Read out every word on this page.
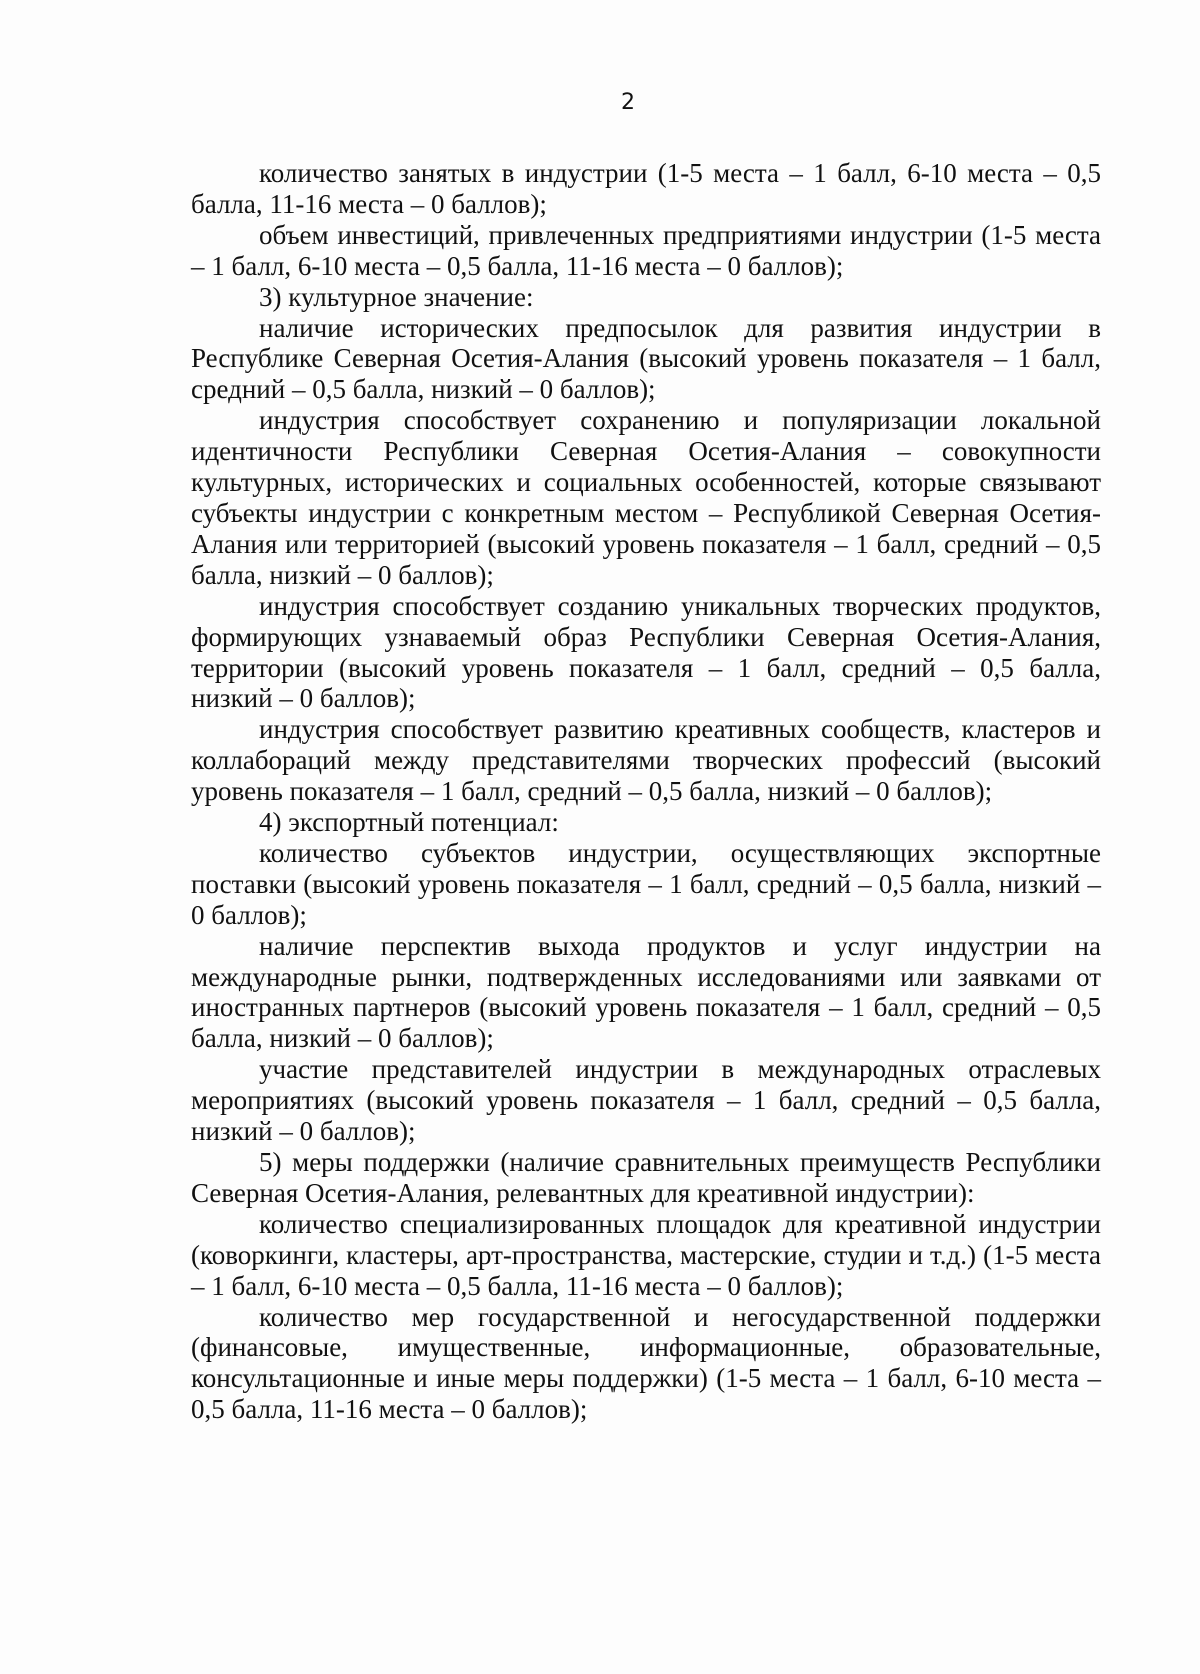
2

количество занятых в индустрии (1-5 места – 1 балл, 6-10 места – 0,5 балла, 11-16 места – 0 баллов);

объем инвестиций, привлеченных предприятиями индустрии (1-5 места – 1 балл, 6-10 места – 0,5 балла, 11-16 места – 0 баллов);

3) культурное значение:

наличие исторических предпосылок для развития индустрии в Республике Северная Осетия-Алания (высокий уровень показателя – 1 балл, средний – 0,5 балла, низкий – 0 баллов);

индустрия способствует сохранению и популяризации локальной идентичности Республики Северная Осетия-Алания – совокупности культурных, исторических и социальных особенностей, которые связывают субъекты индустрии с конкретным местом – Республикой Северная Осетия-Алания или территорией (высокий уровень показателя – 1 балл, средний – 0,5 балла, низкий – 0 баллов);

индустрия способствует созданию уникальных творческих продуктов, формирующих узнаваемый образ Республики Северная Осетия-Алания, территории (высокий уровень показателя – 1 балл, средний – 0,5 балла, низкий – 0 баллов);

индустрия способствует развитию креативных сообществ, кластеров и коллабораций между представителями творческих профессий (высокий уровень показателя – 1 балл, средний – 0,5 балла, низкий – 0 баллов);

4) экспортный потенциал:

количество субъектов индустрии, осуществляющих экспортные поставки (высокий уровень показателя – 1 балл, средний – 0,5 балла, низкий – 0 баллов);

наличие перспектив выхода продуктов и услуг индустрии на международные рынки, подтвержденных исследованиями или заявками от иностранных партнеров (высокий уровень показателя – 1 балл, средний – 0,5 балла, низкий – 0 баллов);

участие представителей индустрии в международных отраслевых мероприятиях (высокий уровень показателя – 1 балл, средний – 0,5 балла, низкий – 0 баллов);

5) меры поддержки (наличие сравнительных преимуществ Республики Северная Осетия-Алания, релевантных для креативной индустрии):

количество специализированных площадок для креативной индустрии (коворкинги, кластеры, арт-пространства, мастерские, студии и т.д.) (1-5 места – 1 балл, 6-10 места – 0,5 балла, 11-16 места – 0 баллов);

количество мер государственной и негосударственной поддержки (финансовые, имущественные, информационные, образовательные, консультационные и иные меры поддержки) (1-5 места – 1 балл, 6-10 места – 0,5 балла, 11-16 места – 0 баллов);
